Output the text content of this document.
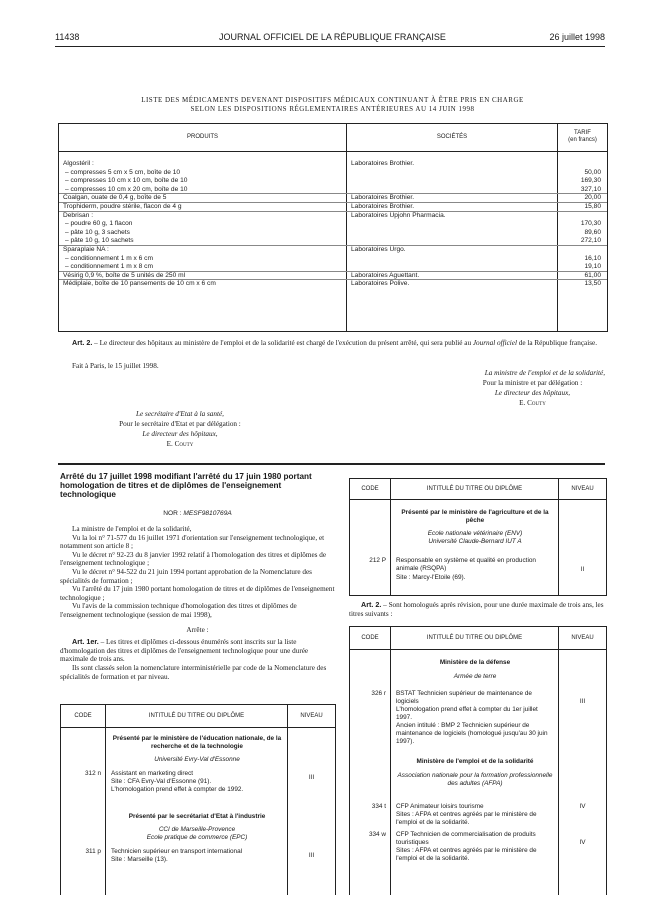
11438	JOURNAL OFFICIEL DE LA RÉPUBLIQUE FRANÇAISE	26 juillet 1998
LISTE DES MÉDICAMENTS DEVENANT DISPOSITIFS MÉDICAUX CONTINUANT À ÊTRE PRIS EN CHARGE
SELON LES DISPOSITIONS RÉGLEMENTAIRES ANTÉRIEURES AU 14 JUIN 1998
PRODUITS	SOCIÉTÉS
TARIF
(en francs)
Algostéril :	Laboratoires Brothier.
– compresses 5 cm x 5 cm, boîte de 10	50,00
– compresses 10 cm x 10 cm, boîte de 10	169,30
– compresses 10 cm x 20 cm, boîte de 10	327,10
Coalgan, ouate de 0,4 g, boîte de 5	Laboratoires Brothier.	20,00
Trophiderm, poudre stérile, flacon de 4 g	Laboratoires Brothier.	15,80
Debrisan :	Laboratoires Upjohn Pharmacia.
– poudre 60 g, 1 flacon	170,30
– pâte 10 g, 3 sachets	89,60
– pâte 10 g, 10 sachets	272,10
Sparaplaie NA :	Laboratoires Urgo.
– conditionnement 1 m x 6 cm	16,10
– conditionnement 1 m x 8 cm	19,10
Vésirig 0,9 %, boîte de 5 unités de 250 ml	Laboratoires Aguettant.	61,00
Médiplaie, boîte de 10 pansements de 10 cm x 6 cm	Laboratoires Polive.	13,50
Art. 2. – Le directeur des hôpitaux au ministère de l'emploi et de la solidarité est chargé de l'exécution du présent arrêté, qui sera publié au Journal officiel de la République française.
Fait à Paris, le 15 juillet 1998.
La ministre de l'emploi et de la solidarité,
Pour la ministre et par délégation :
Le directeur des hôpitaux,
E. Couty
Le secrétaire d'Etat à la santé,
Pour le secrétaire d'Etat et par délégation :
Le directeur des hôpitaux,
E. Couty
Arrêté du 17 juillet 1998 modifiant l'arrêté du 17 juin 1980 portant homologation de titres et de diplômes de l'enseignement technologique
NOR : MESF9810769A
La ministre de l'emploi et de la solidarité,
Vu la loi n° 71-577 du 16 juillet 1971 d'orientation sur l'enseignement technologique, et notamment son article 8 ;
Vu le décret n° 92-23 du 8 janvier 1992 relatif à l'homologation des titres et diplômes de l'enseignement technologique ;
Vu le décret n° 94-522 du 21 juin 1994 portant approbation de la Nomenclature des spécialités de formation ;
Vu l'arrêté du 17 juin 1980 portant homologation de titres et de diplômes de l'enseignement technologique ;
Vu l'avis de la commission technique d'homologation des titres et diplômes de l'enseignement technologique (session de mai 1998),
Arrête :
Art. 1er. – Les titres et diplômes ci-dessous énumérés sont inscrits sur la liste d'homologation des titres et diplômes de l'enseignement technologique pour une durée maximale de trois ans.
Ils sont classés selon la nomenclature interministérielle par code de la Nomenclature des spécialités de formation et par niveau.
CODE	INTITULÉ DU TITRE OU DIPLÔME	NIVEAU
Présenté par le ministère de l'éducation nationale, de la recherche et de la technologie
Université Evry-Val d'Essonne
312 n Assistant en marketing direct
Site : CFA Evry-Val d'Essonne (91).
L'homologation prend effet à compter de 1992.
III
Présenté par le secrétariat d'Etat à l'industrie
CCI de Marseille-Provence
Ecole pratique de commerce (EPC)
311 p Technicien supérieur en transport international
Site : Marseille (13).
III
CODE	INTITULÉ DU TITRE OU DIPLÔME	NIVEAU
Présenté par le ministère de l'agriculture et de la pêche
Ecole nationale vétérinaire (ENV)
Université Claude-Bernard IUT A
212 P Responsable en système et qualité en production animale (RSQPA)
Site : Marcy-l'Etoile (69).
II
Art. 2. – Sont homologués après révision, pour une durée maximale de trois ans, les titres suivants :
CODE	INTITULÉ DU TITRE OU DIPLÔME	NIVEAU
Ministère de la défense
Armée de terre
326 r BSTAT Technicien supérieur de maintenance de logiciels
L'homologation prend effet à compter du 1er juillet 1997.
Ancien intitulé : BMP 2 Technicien supérieur de maintenance de logiciels (homologué jusqu'au 30 juin 1997).
III
Ministère de l'emploi et de la solidarité
Association nationale pour la formation professionnelle des adultes (AFPA)
334 t CFP Animateur loisirs tourisme
Sites : AFPA et centres agréés par le ministère de l'emploi et de la solidarité.
IV
334 w CFP Technicien de commercialisation de produits touristiques
Sites : AFPA et centres agréés par le ministère de l'emploi et de la solidarité.
IV
